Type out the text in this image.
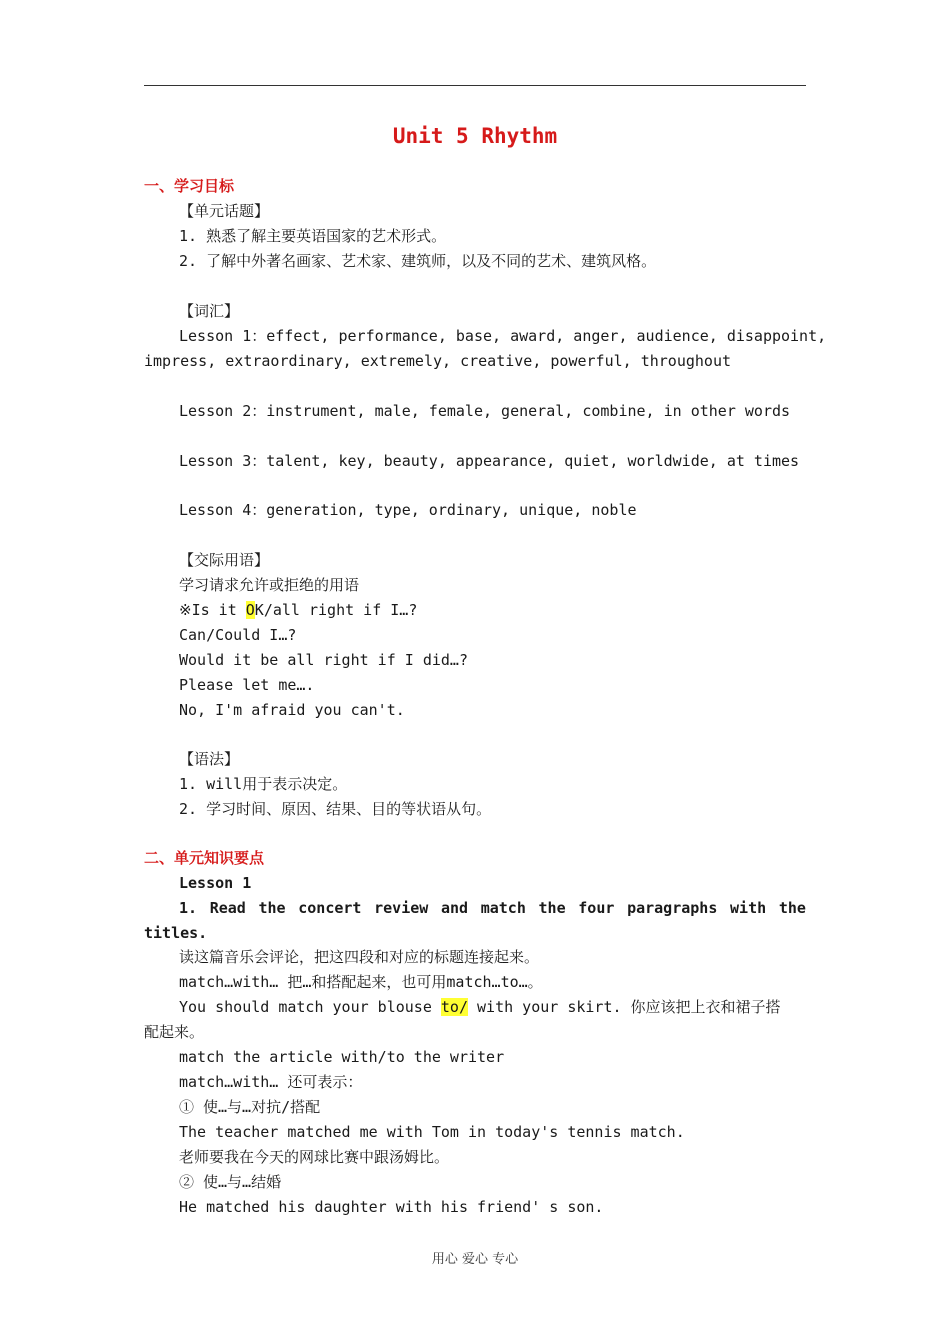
Unit 5 Rhythm
一、学习目标
【单元话题】
1. 熟悉了解主要英语国家的艺术形式。
2. 了解中外著名画家、艺术家、建筑师，以及不同的艺术、建筑风格。
【词汇】
Lesson 1：effect, performance, base, award, anger, audience, disappoint,
impress, extraordinary, extremely, creative, powerful, throughout
Lesson 2：instrument, male, female, general, combine, in other words
Lesson 3：talent, key, beauty, appearance, quiet, worldwide, at times
Lesson 4：generation, type, ordinary, unique, noble
【交际用语】
学习请求允许或拒绝的用语
※Is it OK/all right if I…?
Can/Could I…?
Would it be all right if I did…?
Please let me….
No, I'm afraid you can't.
【语法】
1. will用于表示决定。
2. 学习时间、原因、结果、目的等状语从句。
二、单元知识要点
Lesson 1
1. Read the concert review and match the four paragraphs with the
titles.
读这篇音乐会评论，把这四段和对应的标题连接起来。
match…with… 把…和搭配起来，也可用match…to…。
You should match your blouse to/ with your skirt. 你应该把上衣和裙子搭
配起来。
match the article with/to the writer
match…with… 还可表示：
① 使…与…对抗/搭配
The teacher matched me with Tom in today's tennis match.
老师要我在今天的网球比赛中跟汤姆比。
② 使…与…结婚
He matched his daughter with his friend' s son.
用心 爱心 专心
